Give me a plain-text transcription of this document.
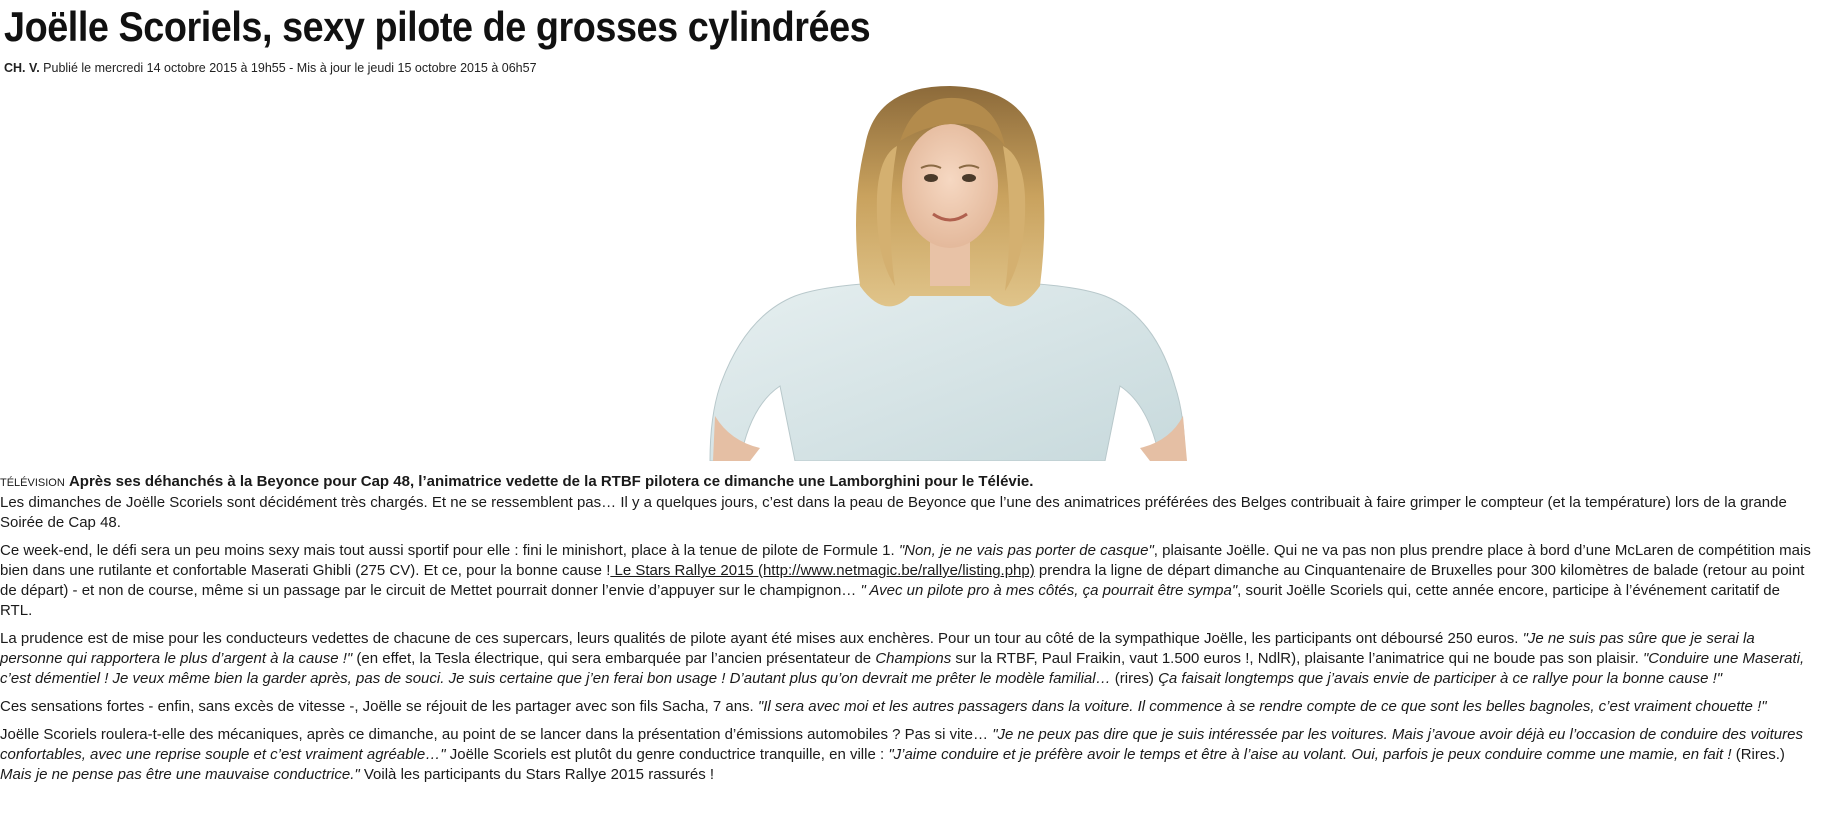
Joëlle Scoriels, sexy pilote de grosses cylindrées
CH. V. Publié le mercredi 14 octobre 2015 à 19h55 - Mis à jour le jeudi 15 octobre 2015 à 06h57

TÉLÉVISION Après ses déhanchés à la Beyonce pour Cap 48, l’animatrice vedette de la RTBF pilotera ce dimanche une Lamborghini pour le Télévie.
Les dimanches de Joëlle Scoriels sont décidément très chargés. Et ne se ressemblent pas… Il y a quelques jours, c’est dans la peau de Beyonce que l’une des animatrices préférées des Belges contribuait à faire grimper le compteur (et la température) lors de la grande Soirée de Cap 48.

Ce week-end, le défi sera un peu moins sexy mais tout aussi sportif pour elle : fini le minishort, place à la tenue de pilote de Formule 1. "Non, je ne vais pas porter de casque", plaisante Joëlle. Qui ne va pas non plus prendre place à bord d’une McLaren de compétition mais bien dans une rutilante et confortable Maserati Ghibli (275 CV). Et ce, pour la bonne cause ! Le Stars Rallye 2015 (http://www.netmagic.be/rallye/listing.php) prendra la ligne de départ dimanche au Cinquantenaire de Bruxelles pour 300 kilomètres de balade (retour au point de départ) - et non de course, même si un passage par le circuit de Mettet pourrait donner l’envie d’appuyer sur le champignon… " Avec un pilote pro à mes côtés, ça pourrait être sympa", sourit Joëlle Scoriels qui, cette année encore, participe à l’événement caritatif de RTL.

La prudence est de mise pour les conducteurs vedettes de chacune de ces supercars, leurs qualités de pilote ayant été mises aux enchères. Pour un tour au côté de la sympathique Joëlle, les participants ont déboursé 250 euros. "Je ne suis pas sûre que je serai la personne qui rapportera le plus d’argent à la cause !" (en effet, la Tesla électrique, qui sera embarquée par l’ancien présentateur de Champions sur la RTBF, Paul Fraikin, vaut 1.500 euros !, NdlR), plaisante l’animatrice qui ne boude pas son plaisir. "Conduire une Maserati, c’est démentiel ! Je veux même bien la garder après, pas de souci. Je suis certaine que j’en ferai bon usage ! D’autant plus qu’on devrait me prêter le modèle familial… (rires) Ça faisait longtemps que j’avais envie de participer à ce rallye pour la bonne cause !"

Ces sensations fortes - enfin, sans excès de vitesse -, Joëlle se réjouit de les partager avec son fils Sacha, 7 ans. "Il sera avec moi et les autres passagers dans la voiture. Il commence à se rendre compte de ce que sont les belles bagnoles, c’est vraiment chouette !"

Joëlle Scoriels roulera-t-elle des mécaniques, après ce dimanche, au point de se lancer dans la présentation d’émissions automobiles ? Pas si vite… "Je ne peux pas dire que je suis intéressée par les voitures. Mais j’avoue avoir déjà eu l’occasion de conduire des voitures confortables, avec une reprise souple et c’est vraiment agréable…" Joëlle Scoriels est plutôt du genre conductrice tranquille, en ville : "J’aime conduire et je préfère avoir le temps et être à l’aise au volant. Oui, parfois je peux conduire comme une mamie, en fait ! (Rires.) Mais je ne pense pas être une mauvaise conductrice." Voilà les participants du Stars Rallye 2015 rassurés !
